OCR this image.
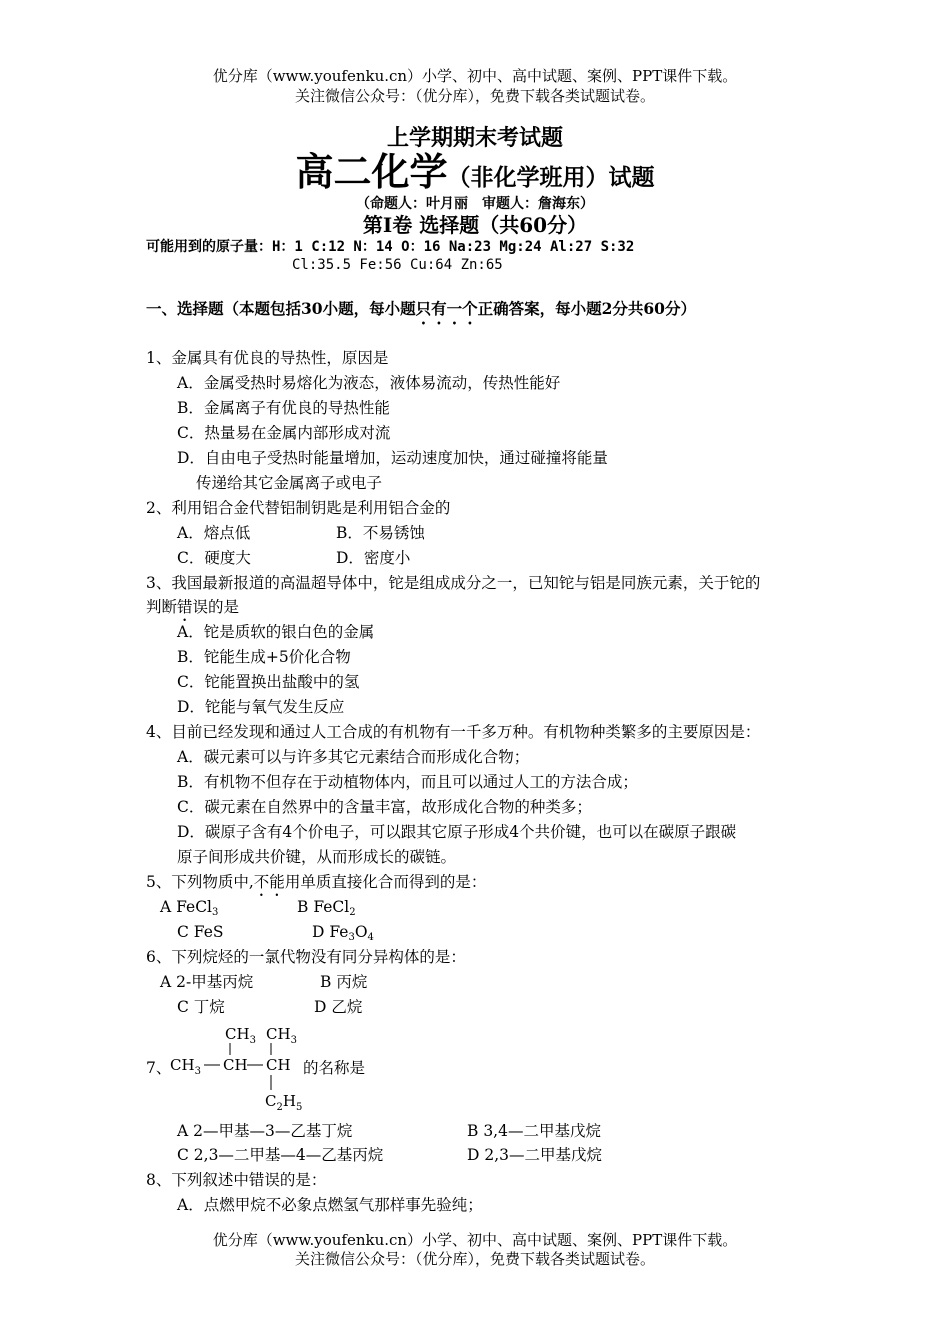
优分库（www.youfenku.cn）小学、初中、高中试题、案例、PPT课件下载。
关注微信公众号：（优分库），免费下载各类试题试卷。
上学期期末考试题
高二化学（非化学班用）试题
（命题人：叶月丽　审题人：詹海东）
第Ⅰ卷 选择题（共60分）
可能用到的原子量：H：1 C:12 N：14 O：16 Na:23 Mg:24 Al:27 S:32
Cl:35.5 Fe:56 Cu:64 Zn:65
一、选择题（本题包括30小题，每小题只有一个正确答案，每小题2分共60分）
1、金属具有优良的导热性，原因是
A．金属受热时易熔化为液态，液体易流动，传热性能好
B．金属离子有优良的导热性能
C．热量易在金属内部形成对流
D．自由电子受热时能量增加，运动速度加快，通过碰撞将能量
传递给其它金属离子或电子
2、利用铝合金代替铝制钥匙是利用铝合金的
A．熔点低	B．不易锈蚀
C．硬度大	D．密度小
3、我国最新报道的高温超导体中，铊是组成成分之一，已知铊与铝是同族元素，关于铊的
判断错误的是
A．铊是质软的银白色的金属
B．铊能生成+5价化合物
C．铊能置换出盐酸中的氢
D．铊能与氧气发生反应
4、目前已经发现和通过人工合成的有机物有一千多万种。有机物种类繁多的主要原因是：
A．碳元素可以与许多其它元素结合而形成化合物；
B．有机物不但存在于动植物体内，而且可以通过人工的方法合成；
C．碳元素在自然界中的含量丰富，故形成化合物的种类多；
D．碳原子含有4个价电子，可以跟其它原子形成4个共价键，也可以在碳原子跟碳
原子间形成共价键，从而形成长的碳链。
5、下列物质中,不能用单质直接化合而得到的是：
A FeCl$_3$	B FeCl$_2$
C FeS	D $Fe_3O_4$
6、下列烷烃的一氯代物没有同分异构体的是：
A 2-甲基丙烷	B 丙烷
C 丁烷	D 乙烷
7、
$CH_3$ $CH_3$
$CH_3$ CH CH
$C_2H_5$
的名称是
A 2—甲基—3—乙基丁烷	B 3,4—二甲基戊烷
C 2,3—二甲基—4—乙基丙烷	D 2,3—二甲基戊烷
8、下列叙述中错误的是：
A．点燃甲烷不必象点燃氢气那样事先验纯；
优分库（www.youfenku.cn）小学、初中、高中试题、案例、PPT课件下载。
关注微信公众号：（优分库），免费下载各类试题试卷。
